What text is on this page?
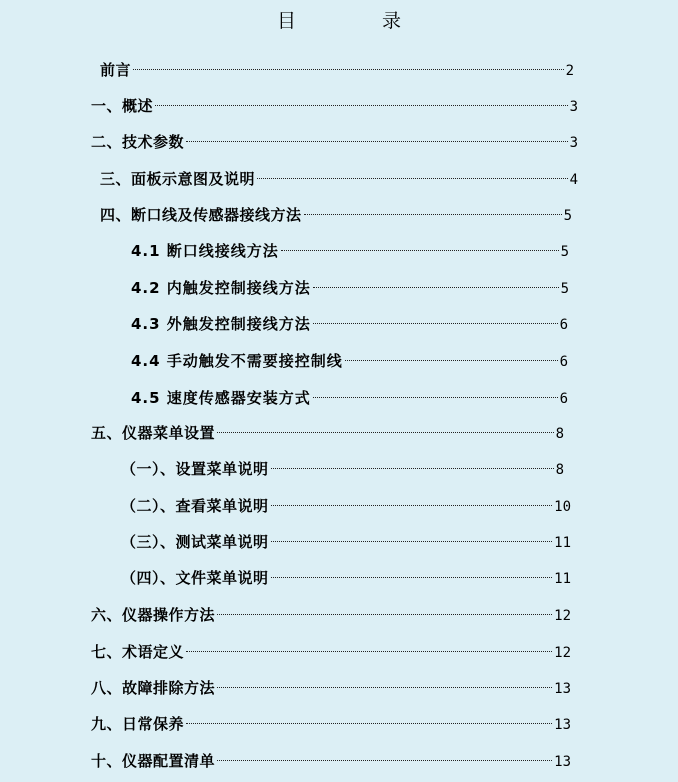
目 录
前言	2
一、概述	3
二、技术参数	3
三、面板示意图及说明	4
四、断口线及传感器接线方法	5
4.1 断口线接线方法	5
4.2 内触发控制接线方法	5
4.3 外触发控制接线方法	6
4.4 手动触发不需要接控制线	6
4.5 速度传感器安装方式	6
五、仪器菜单设置	8
（一）、设置菜单说明	8
（二）、查看菜单说明	10
（三）、测试菜单说明	11
（四）、文件菜单说明	11
六、仪器操作方法	12
七、术语定义	12
八、故障排除方法	13
九、日常保养	13
十、仪器配置清单	13
